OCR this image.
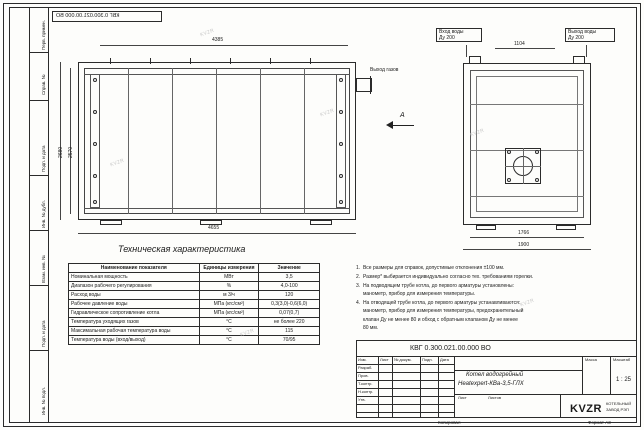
Перв. примен.
Справ. №
Подп. и дата
Инв. № дубл.
Взам. инв. №
Подп. и дата
Инв. № подл.
КВГ 0.300.021.00.000 ВО
Выход газов
4385
4655
2680 2570
А
Вход воды
Ду 200
Выход воды
Ду 200
1104
1766
1900
Техническая характеристика
Наименование показателя	Единицы измерения	Значение
Номинальная мощность	МВт	3,5
Диапазон рабочего регулирования	%	4,0-100
Расход воды	м 3/ч	120
Рабочее давление воды	МПа (кгс/см²)	0,3(3,0)-0,6(6,0)
Гидравлическое сопротивление котла	МПа (кгс/см²)	0,07(0,7)
Температура уходящих газов	°С	не более 220
Максимальная рабочая температура воды	°С	115
Температура воды (вход/выход)	°С	70/95
1.  Все размеры для справок, допустимые отклонения ±100 мм.
2.  Размер* выбирается индивидуально согласно тех. требованиям горелки.
3.  На подводящем трубе котла, до первого арматуры установлены:
манометр, прибор для измерения температуры.
4.  На отводящей трубе котла, до первого арматуры устанавливаются:
манометр, прибор для измерения температуры, предохранительный
клапан Ду не менее 80 и обход с обратным клапаном Ду не менее
80 мм.
КВГ 0.300.021.00.000 ВО
Изм.	Лист № докум.	Подп. Дата
Разраб.
Пров.
Т.контр.
Н.контр.
Утв.
Котел водогрейный
Heatexpert-КВа-3,5-ГЛХ
Масса	Масштаб
1 : 25
Лист	Листов
KVZR КОТЕЛЬНЫЙ
ЗАВОД РЭП
Копировал	Формат А3
KVZR
KVZR
KVZR
KVZR
KVZR
KVZR
